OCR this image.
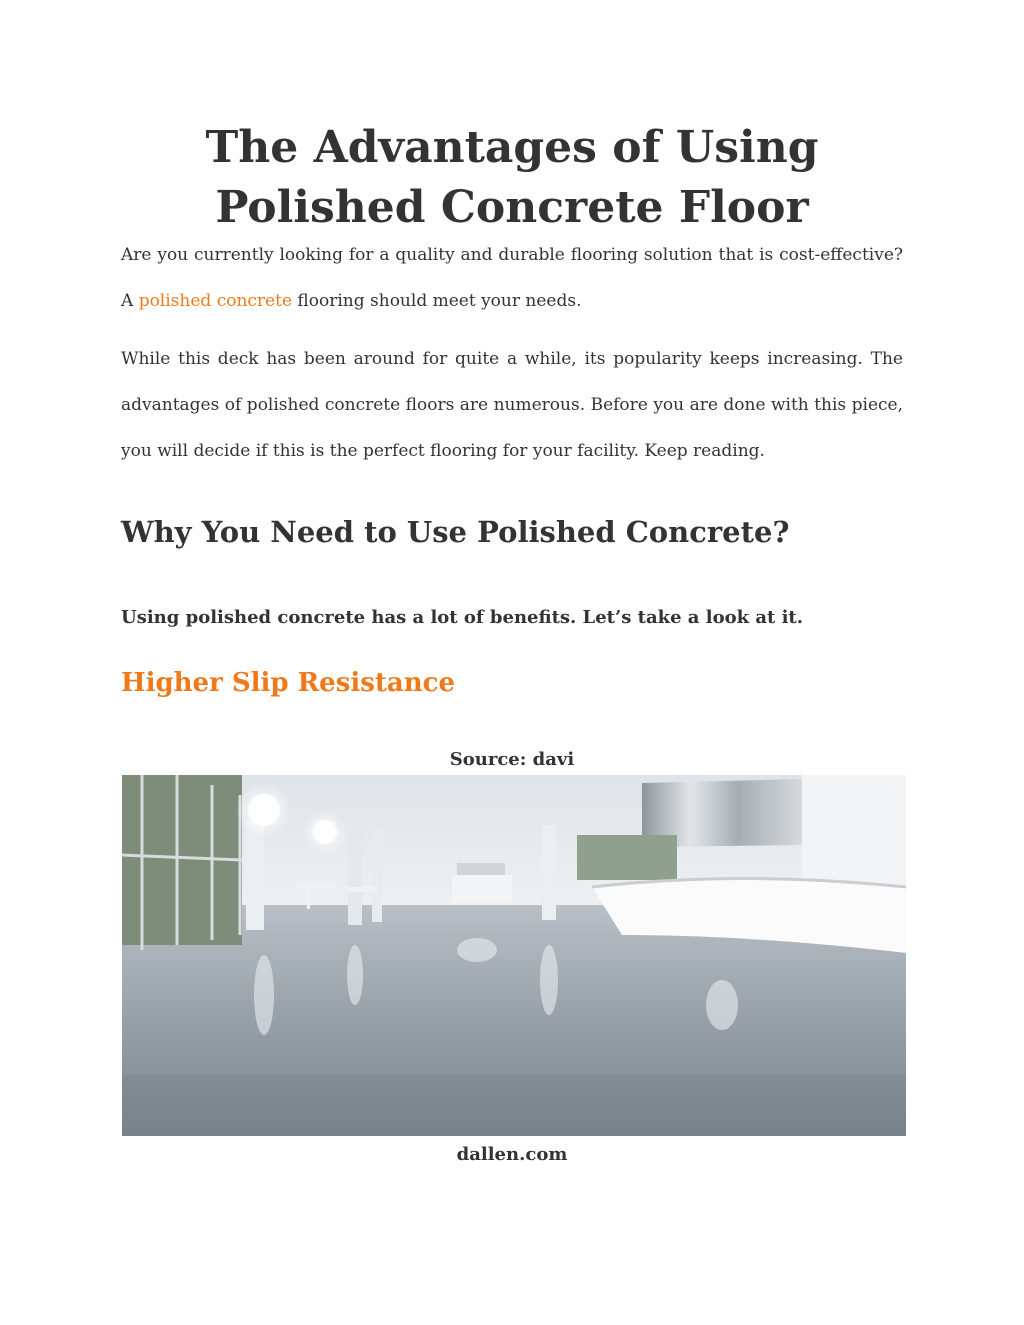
The Advantages of Using Polished Concrete Floor

Are you currently looking for a quality and durable flooring solution that is cost-effective? A polished concrete flooring should meet your needs.

While this deck has been around for quite a while, its popularity keeps increasing. The advantages of polished concrete floors are numerous. Before you are done with this piece, you will decide if this is the perfect flooring for your facility. Keep reading.

Why You Need to Use Polished Concrete?

Using polished concrete has a lot of benefits. Let’s take a look at it.

Higher Slip Resistance

Source: davi

dallen.com
